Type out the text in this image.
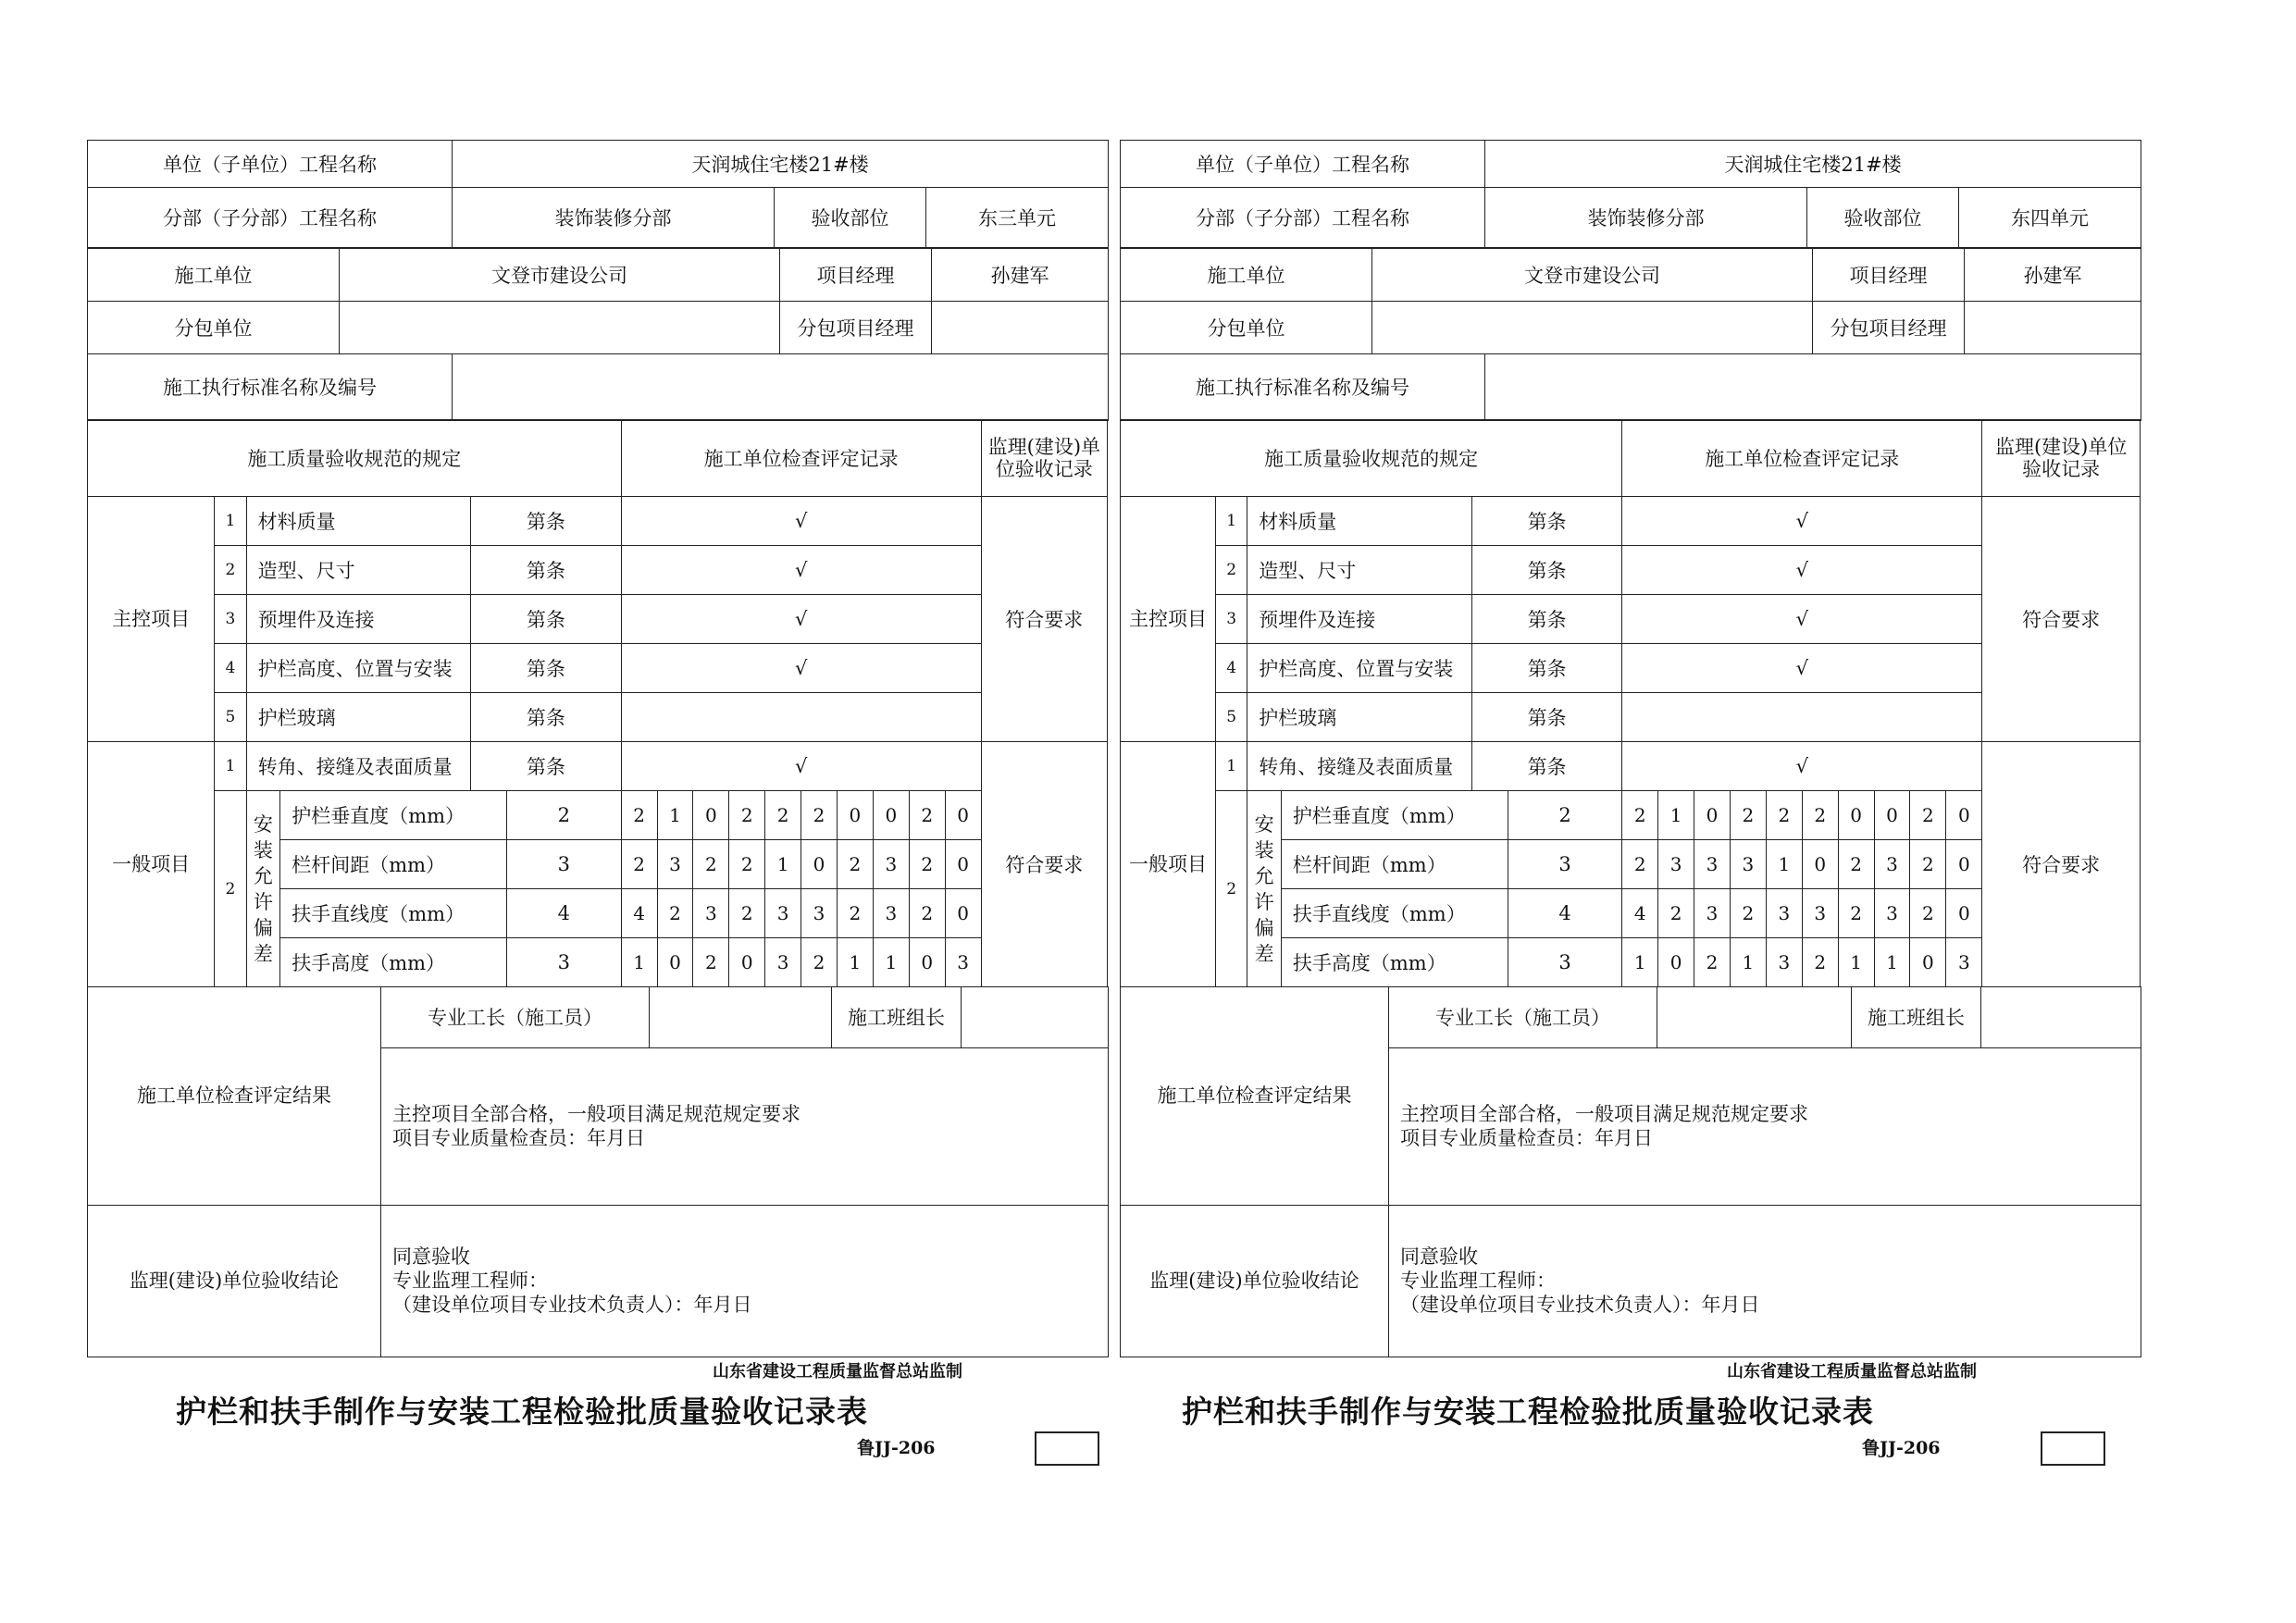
单位（子单位）工程名称	天润城住宅楼21#楼
分部（子分部）工程名称	装饰装修分部	验收部位	东三单元
施工单位	文登市建设公司	项目经理	孙建军
分包单位		分包项目经理	
施工执行标准名称及编号	
施工质量验收规范的规定						施工单位检查评定记录										监理(建设)单位验收记录
主控项目	1	材料质量		第条		√										符合要求
	2	造型、尺寸		第条		√										
	3	预埋件及连接		第条		√										
	4	护栏高度、位置与安装		第条		√										
	5	护栏玻璃		第条												
一般项目	1	转角、接缝及表面质量		第条		√										符合要求
	2	安装允许偏差	护栏垂直度（mm）		2	2	1	0	2	2	2	0	0	2	0	
			栏杆间距（mm）		3	2	3	2	2	1	0	2	3	2	0	
			扶手直线度（mm）		4	4	2	3	2	3	3	2	3	2	0	
			扶手高度（mm）		3	1	0	2	0	3	2	1	1	0	3	
施工单位检查评定结果	专业工长（施工员）		施工班组长	

	主控项目全部合格，一般项目满足规范规定要求
项目专业质量检查员：年月日			

监理(建设)单位验收结论	同意验收
专业监理工程师：
（建设单位项目专业技术负责人）：年月日			
单位（子单位）工程名称	天润城住宅楼21#楼
分部（子分部）工程名称	装饰装修分部	验收部位	东四单元
施工单位	文登市建设公司	项目经理	孙建军
分包单位		分包项目经理	
施工执行标准名称及编号	
施工质量验收规范的规定						施工单位检查评定记录										监理(建设)单位验收记录
主控项目	1	材料质量		第条		√										符合要求
	2	造型、尺寸		第条		√										
	3	预埋件及连接		第条		√										
	4	护栏高度、位置与安装		第条		√										
	5	护栏玻璃		第条												
一般项目	1	转角、接缝及表面质量		第条		√										符合要求
	2	安装允许偏差	护栏垂直度（mm）		2	2	1	0	2	2	2	0	0	2	0	
			栏杆间距（mm）		3	2	3	3	3	1	0	2	3	2	0	
			扶手直线度（mm）		4	4	2	3	2	3	3	2	3	2	0	
			扶手高度（mm）		3	1	0	2	1	3	2	1	1	0	3	
施工单位检查评定结果	专业工长（施工员）		施工班组长	

	主控项目全部合格，一般项目满足规范规定要求
项目专业质量检查员：年月日			

监理(建设)单位验收结论	同意验收
专业监理工程师：
（建设单位项目专业技术负责人）：年月日			
山东省建设工程质量监督总站监制
护栏和扶手制作与安装工程检验批质量验收记录表
鲁JJ-206
山东省建设工程质量监督总站监制
护栏和扶手制作与安装工程检验批质量验收记录表
鲁JJ-206
